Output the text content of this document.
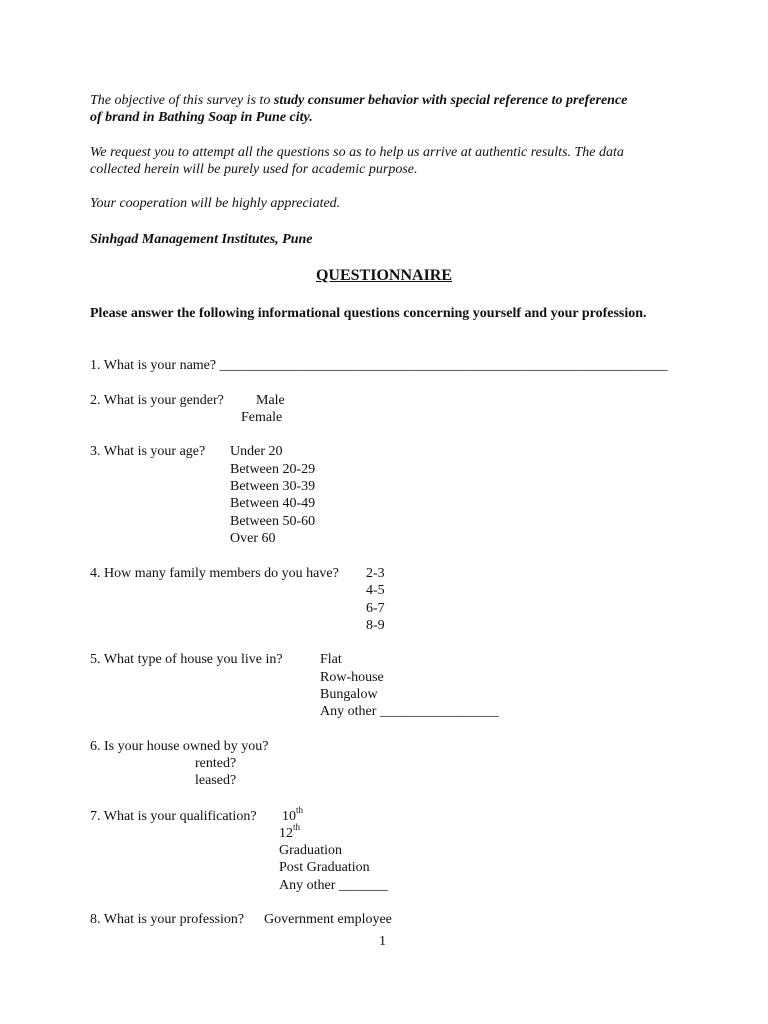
The objective of this survey is to study consumer behavior with special reference to preference
of brand in Bathing Soap in Pune city.
We request you to attempt all the questions so as to help us arrive at authentic results. The data
collected herein will be purely used for academic purpose.
Your cooperation will be highly appreciated.
Sinhgad Management Institutes, Pune
QUESTIONNAIRE
Please answer the following informational questions concerning yourself and your profession.
1. What is your name? ________________________________________________________________
2. What is your gender? Male
Female
3. What is your age? Under 20
Between 20-29
Between 30-39
Between 40-49
Between 50-60
Over 60
4. How many family members do you have? 2-3
4-5
6-7
8-9
5. What type of house you live in?	Flat
Row-house
Bungalow
Any other _________________
6. Is your house owned by you?
rented?
leased?
7. What is your qualification? 10th
12th
Graduation
Post Graduation
Any other _______
8. What is your profession? Government employee
1
